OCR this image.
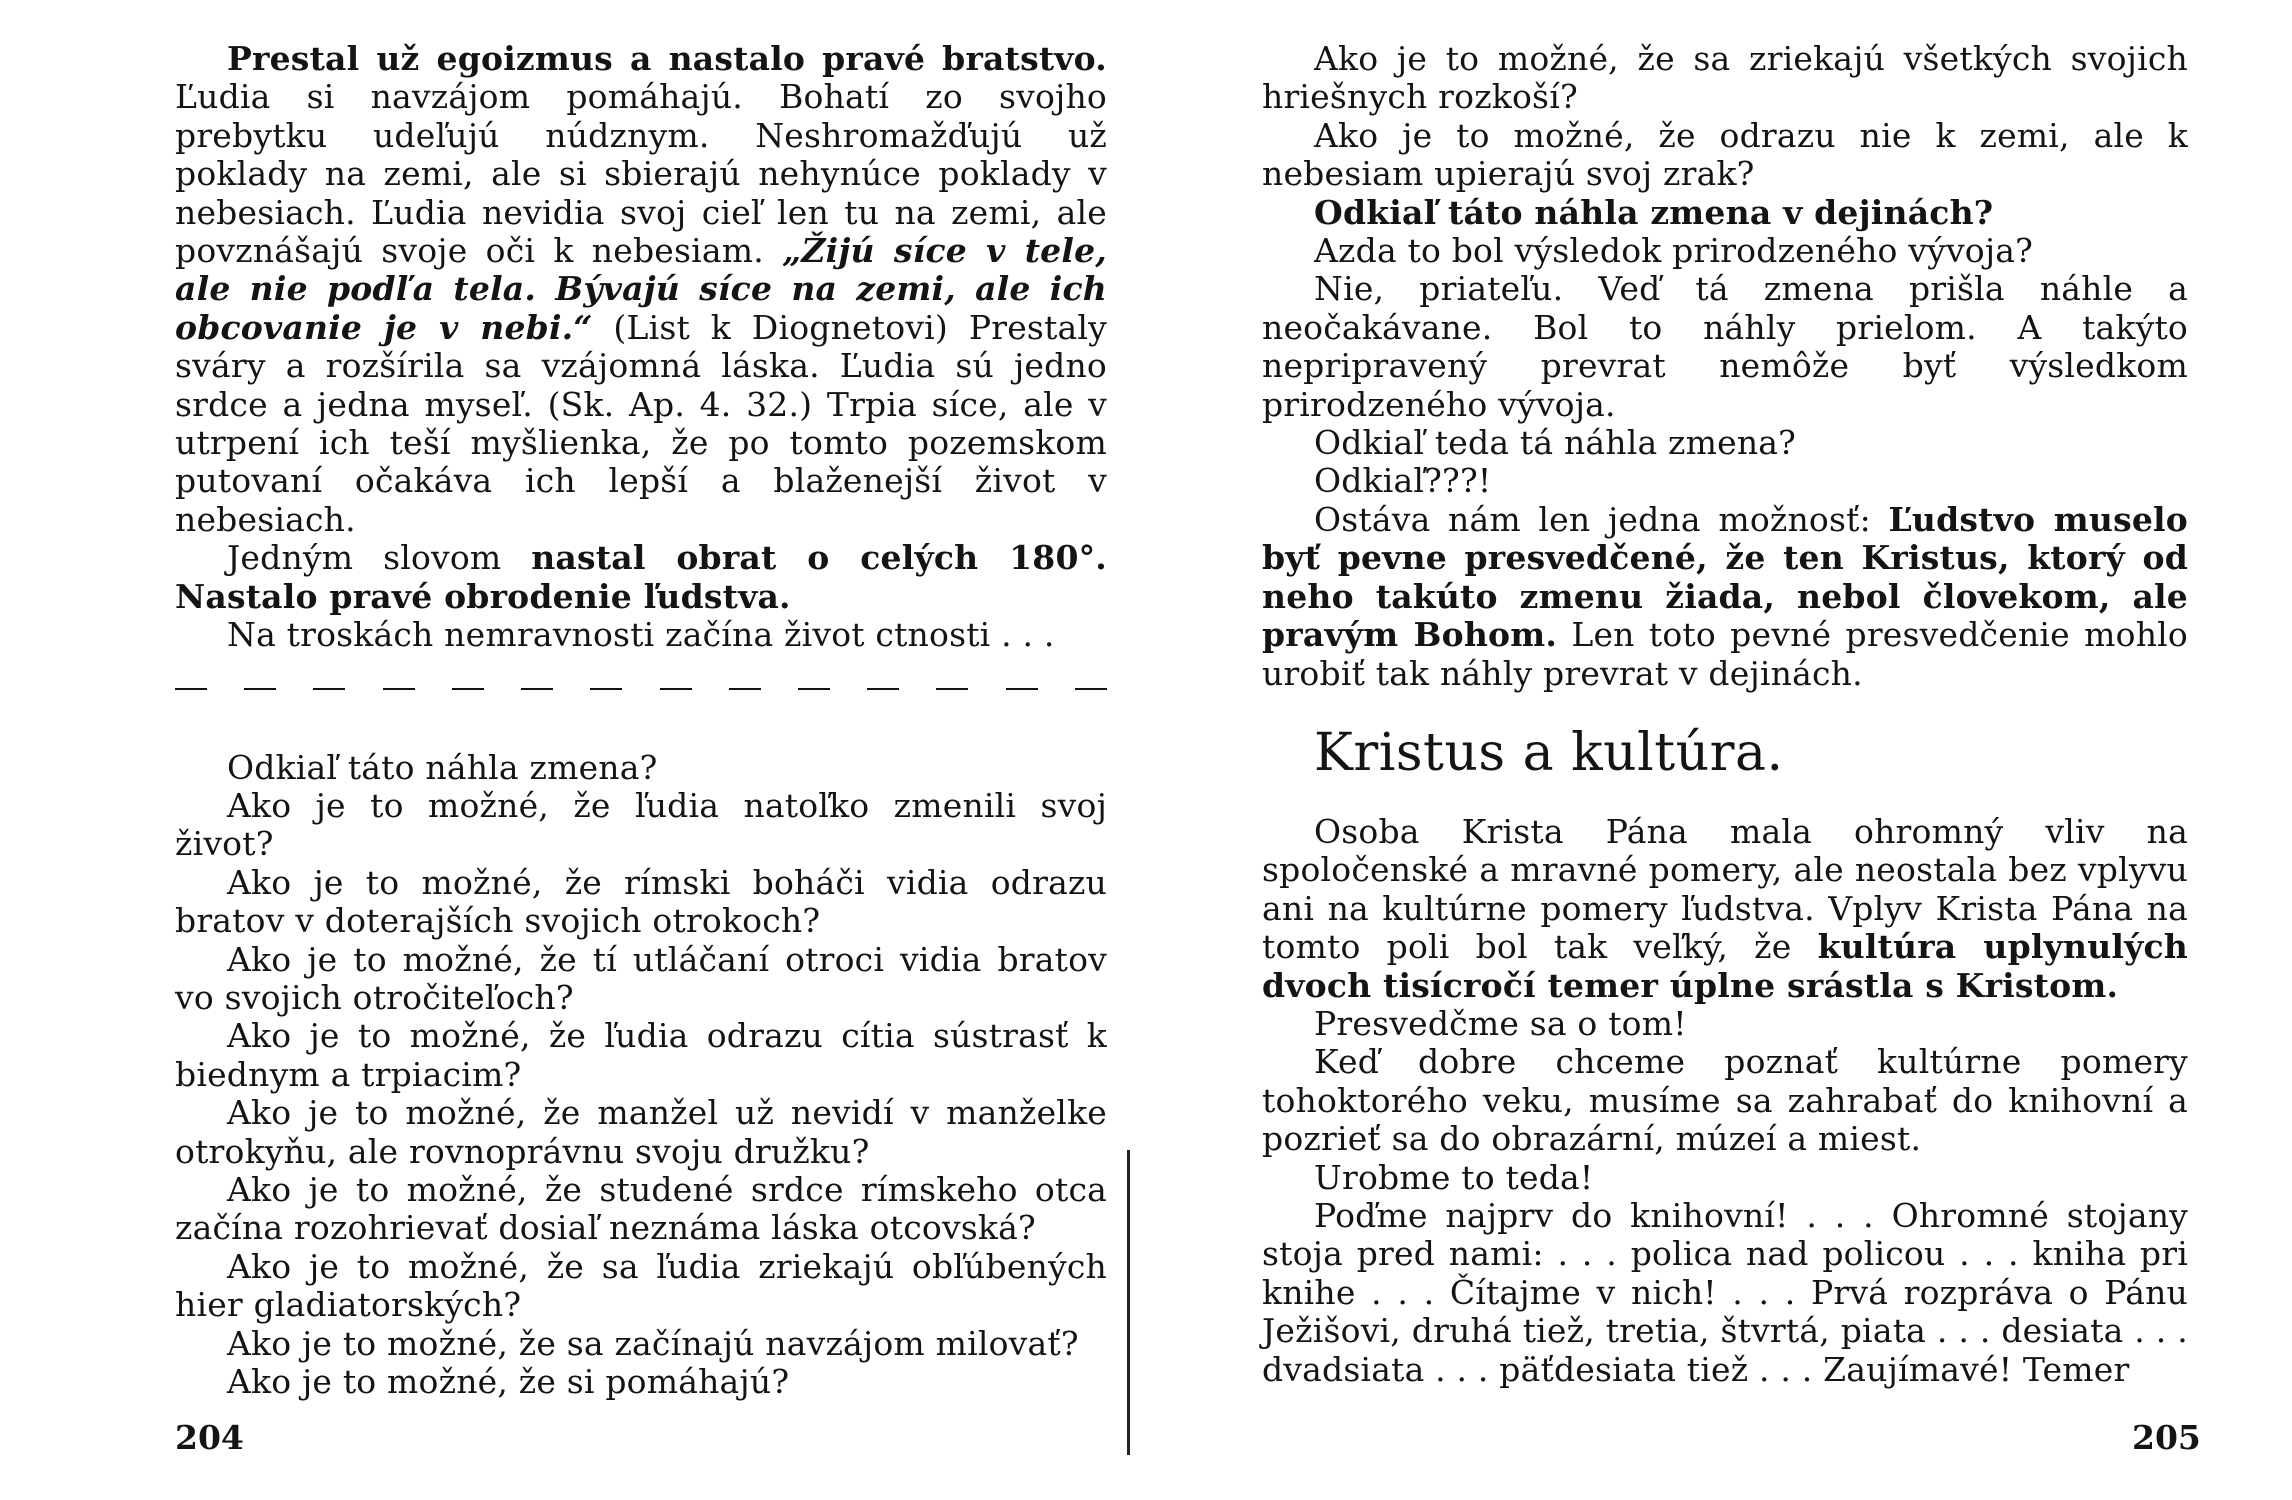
Prestal už egoizmus a nastalo pravé bratstvo. Ľudia si navzájom pomáhajú. Bohatí zo svojho prebytku udeľujú núdznym. Neshromažďujú už poklady na zemi, ale si sbierajú nehynúce poklady v nebesiach. Ľudia nevidia svoj cieľ len tu na zemi, ale povznášajú svoje oči k nebesiam. „Žijú síce v tele, ale nie podľa tela. Bývajú síce na zemi, ale ich obcovanie je v nebi.“ (List k Diognetovi) Prestaly sváry a rozšírila sa vzájomná láska. Ľudia sú jedno srdce a jedna myseľ. (Sk. Ap. 4. 32.) Trpia síce, ale v utrpení ich teší myšlienka, že po tomto pozemskom putovaní očakáva ich lepší a blaženejší život v nebesiach.

Jedným slovom nastal obrat o celých 180°. Nastalo pravé obrodenie ľudstva.

Na troskách nemravnosti začína život ctnosti . . .

Odkiaľ táto náhla zmena?

Ako je to možné, že ľudia natoľko zmenili svoj život?

Ako je to možné, že rímski boháči vidia odrazu bratov v doterajších svojich otrokoch?

Ako je to možné, že tí utláčaní otroci vidia bratov vo svojich otročiteľoch?

Ako je to možné, že ľudia odrazu cítia sústrasť k biednym a trpiacim?

Ako je to možné, že manžel už nevidí v manželke otrokyňu, ale rovnoprávnu svoju družku?

Ako je to možné, že studené srdce rímskeho otca začína rozohrievať dosiaľ neznáma láska otcovská?

Ako je to možné, že sa ľudia zriekajú obľúbených hier gladiatorských?

Ako je to možné, že sa začínajú navzájom milovať?

Ako je to možné, že si pomáhajú?

204

Ako je to možné, že sa zriekajú všetkých svojich hriešnych rozkoší?

Ako je to možné, že odrazu nie k zemi, ale k nebesiam upierajú svoj zrak?

Odkiaľ táto náhla zmena v dejinách?

Azda to bol výsledok prirodzeného vývoja?

Nie, priateľu. Veď tá zmena prišla náhle a neočakávane. Bol to náhly prielom. A takýto nepripravený prevrat nemôže byť výsledkom prirodzeného vývoja.

Odkiaľ teda tá náhla zmena?

Odkiaľ???!

Ostáva nám len jedna možnosť: Ľudstvo muselo byť pevne presvedčené, že ten Kristus, ktorý od neho takúto zmenu žiada, nebol človekom, ale pravým Bohom. Len toto pevné presvedčenie mohlo urobiť tak náhly prevrat v dejinách.

Kristus a kultúra.

Osoba Krista Pána mala ohromný vliv na spoločenské a mravné pomery, ale neostala bez vplyvu ani na kultúrne pomery ľudstva. Vplyv Krista Pána na tomto poli bol tak veľký, že kultúra uplynulých dvoch tisícročí temer úplne srástla s Kristom.

Presvedčme sa o tom!

Keď dobre chceme poznať kultúrne pomery tohoktorého veku, musíme sa zahrabať do knihovní a pozrieť sa do obrazární, múzeí a miest.

Urobme to teda!

Poďme najprv do knihovní! . . . Ohromné stojany stoja pred nami: . . . polica nad policou . . . kniha pri knihe . . . Čítajme v nich! . . . Prvá rozpráva o Pánu Ježišovi, druhá tiež, tretia, štvrtá, piata . . . desiata . . . dvadsiata . . . päťdesiata tiež . . . Zaujímavé! Temer

205
